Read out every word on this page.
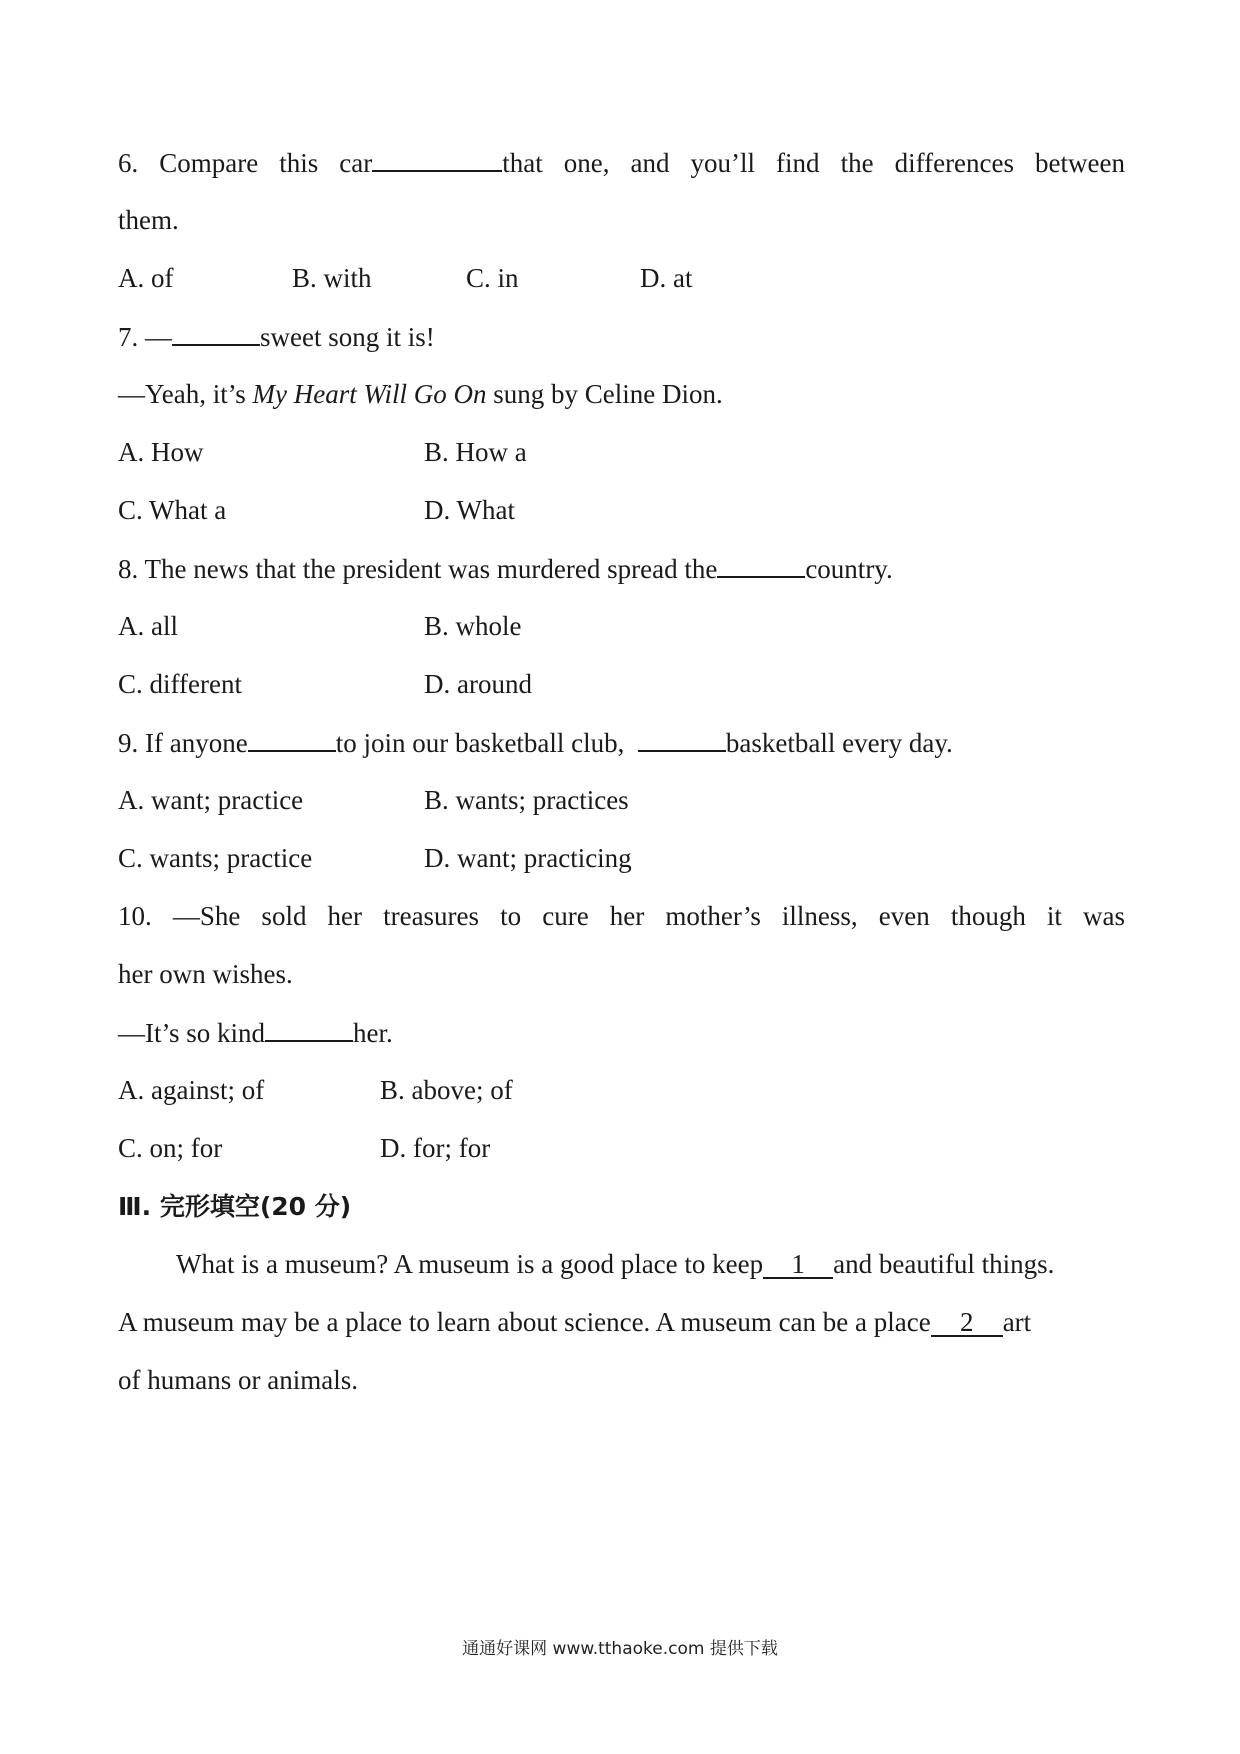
6. Compare this car	that one, and you’ll find the differences between
them.
A. of	B. with	C. in	D. at
7. —	sweet song it is!
—Yeah, it’s My Heart Will Go On sung by Celine Dion.
A. How	B. How a
C. What a	D. What
8. The news that the president was murdered spread the	country.
A. all	B. whole
C. different	D. around
9. If anyone	to join our basketball club,	basketball every day.
A. want; practice	B. wants; practices
C. wants; practice	D. want; practicing
10. —She sold her treasures to cure her mother’s illness, even though it was
her own wishes.
—It’s so kind	her.
A. against; of	B. above; of
C. on; for	D. for; for
Ⅲ. 完形填空(20 分)
What is a museum? A museum is a good place to keep 1 and beautiful things.
A museum may be a place to learn about science. A museum can be a place 2 art
of humans or animals.
通通好课网 www.tthaoke.com 提供下载
